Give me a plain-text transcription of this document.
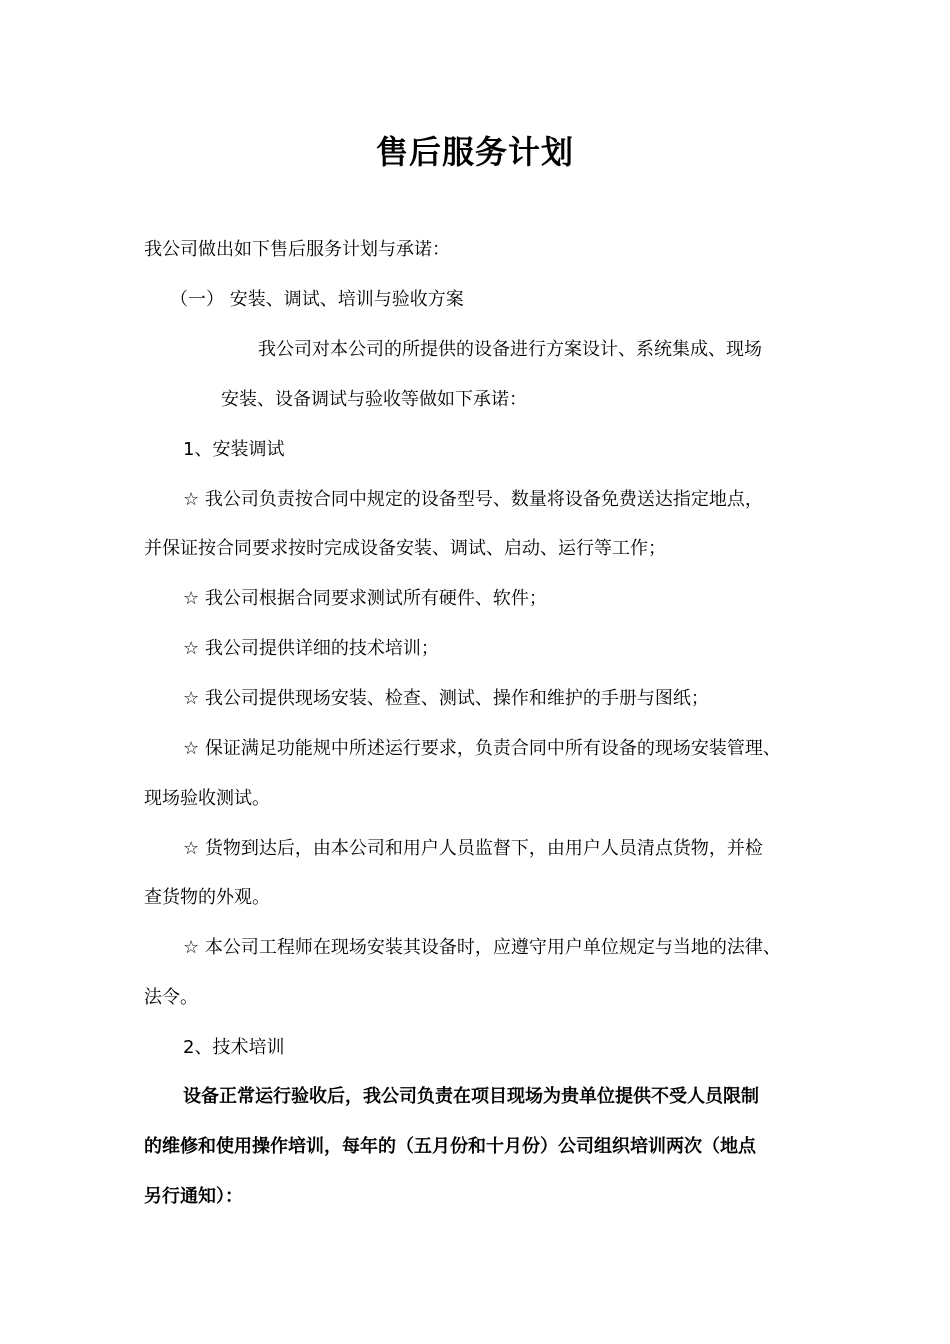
售后服务计划
我公司做出如下售后服务计划与承诺：
（一） 安装、调试、培训与验收方案
我公司对本公司的所提供的设备进行方案设计、系统集成、现场
安装、设备调试与验收等做如下承诺：
1、安装调试
☆ 我公司负责按合同中规定的设备型号、数量将设备免费送达指定地点，
并保证按合同要求按时完成设备安装、调试、启动、运行等工作；
☆ 我公司根据合同要求测试所有硬件、软件；
☆ 我公司提供详细的技术培训；
☆ 我公司提供现场安装、检查、测试、操作和维护的手册与图纸；
☆ 保证满足功能规中所述运行要求，负责合同中所有设备的现场安装管理、
现场验收测试。
☆ 货物到达后，由本公司和用户人员监督下，由用户人员清点货物，并检
查货物的外观。
☆ 本公司工程师在现场安装其设备时，应遵守用户单位规定与当地的法律、
法令。
2、技术培训
设备正常运行验收后，我公司负责在项目现场为贵单位提供不受人员限制
的维修和使用操作培训，每年的（五月份和十月份）公司组织培训两次（地点
另行通知）：
